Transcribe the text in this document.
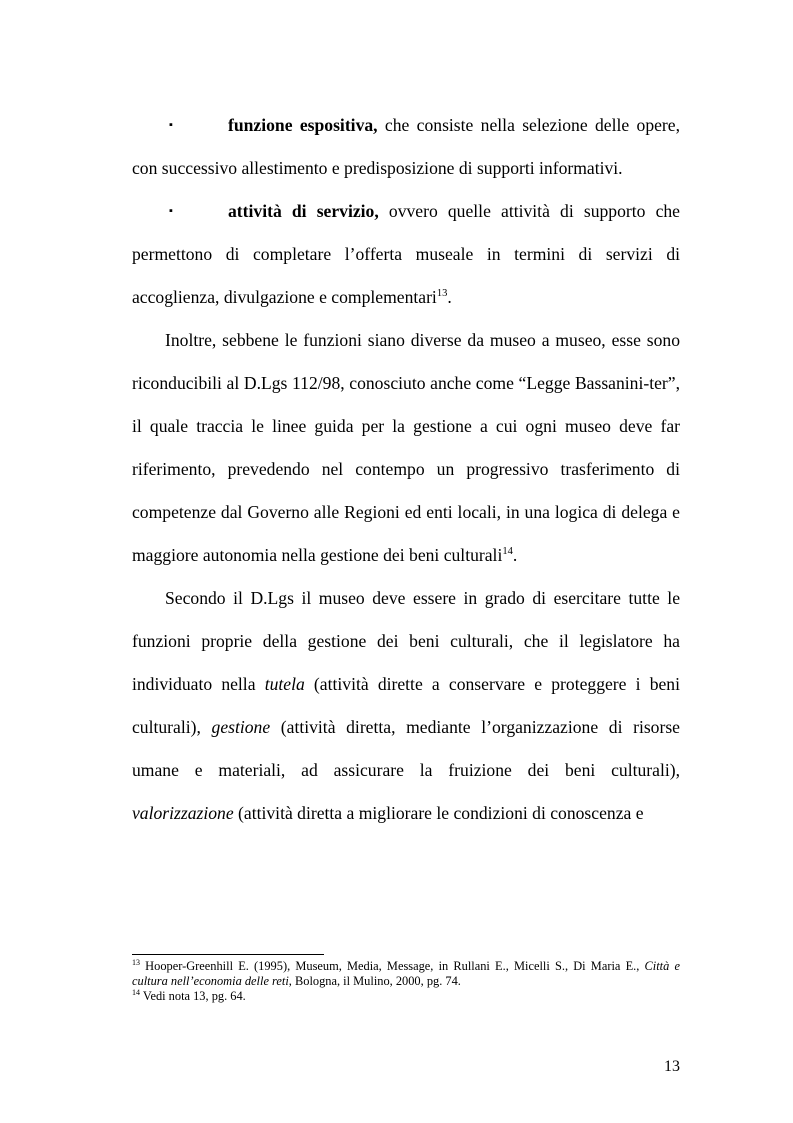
▪	funzione espositiva, che consiste nella selezione delle opere, con successivo allestimento e predisposizione di supporti informativi.

▪	attività di servizio, ovvero quelle attività di supporto che permettono di completare l’offerta museale in termini di servizi di accoglienza, divulgazione e complementari$^{13}$.

Inoltre, sebbene le funzioni siano diverse da museo a museo, esse sono riconducibili al D.Lgs 112/98, conosciuto anche come “Legge Bassanini-ter”, il quale traccia le linee guida per la gestione a cui ogni museo deve far riferimento, prevedendo nel contempo un progressivo trasferimento di competenze dal Governo alle Regioni ed enti locali, in una logica di delega e maggiore autonomia nella gestione dei beni culturali$^{14}$.

Secondo il D.Lgs il museo deve essere in grado di esercitare tutte le funzioni proprie della gestione dei beni culturali, che il legislatore ha individuato nella tutela (attività dirette a conservare e proteggere i beni culturali), gestione (attività diretta, mediante l’organizzazione di risorse umane e materiali, ad assicurare la fruizione dei beni culturali), valorizzazione (attività diretta a migliorare le condizioni di conoscenza e

$^{13}$ Hooper-Greenhill E. (1995), Museum, Media, Message, in Rullani E., Micelli S., Di Maria E., Città e cultura nell’economia delle reti, Bologna, il Mulino, 2000, pg. 74.

$^{14}$ Vedi nota 13, pg. 64.

13
